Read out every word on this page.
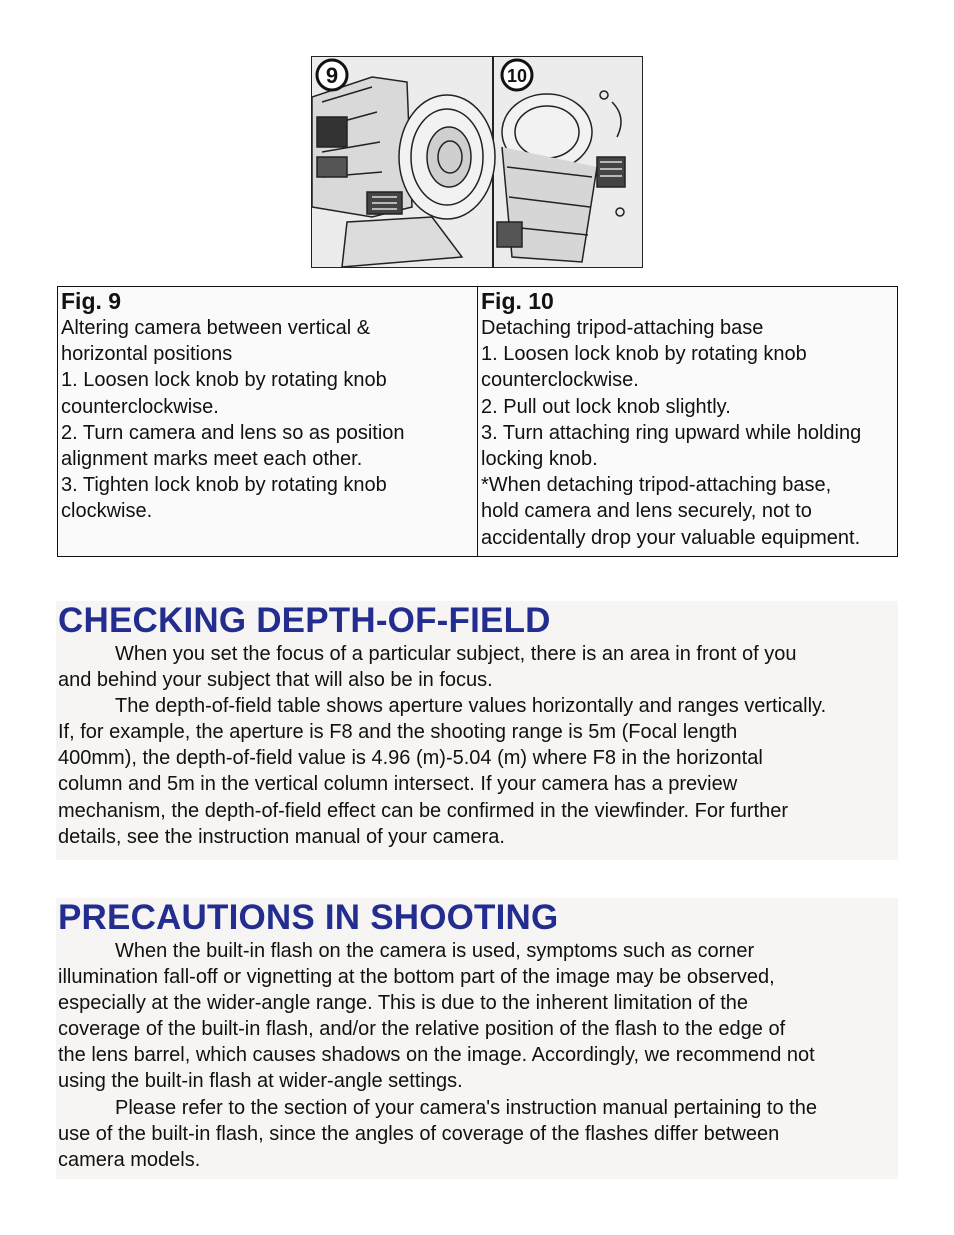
9	10
Fig. 9
Altering camera between vertical &
horizontal positions
1. Loosen lock knob by rotating knob
counterclockwise.
2. Turn camera and lens so as position
alignment marks meet each other.
3. Tighten lock knob by rotating knob
clockwise.
Fig. 10
Detaching tripod-attaching base
1. Loosen lock knob by rotating knob
counterclockwise.
2. Pull out lock knob slightly.
3. Turn attaching ring upward while holding
locking knob.
*When detaching tripod-attaching base,
hold camera and lens securely, not to
accidentally drop your valuable equipment.
CHECKING DEPTH-OF-FIELD

When you set the focus of a particular subject, there is an area in front of you
and behind your subject that will also be in focus.

The depth-of-field table shows aperture values horizontally and ranges vertically.
If, for example, the aperture is F8 and the shooting range is 5m (Focal length
400mm), the depth-of-field value is 4.96 (m)-5.04 (m) where F8 in the horizontal
column and 5m in the vertical column intersect. If your camera has a preview
mechanism, the depth-of-field effect can be confirmed in the viewfinder. For further
details, see the instruction manual of your camera.

PRECAUTIONS IN SHOOTING

When the built-in flash on the camera is used, symptoms such as corner
illumination fall-off or vignetting at the bottom part of the image may be observed,
especially at the wider-angle range. This is due to the inherent limitation of the
coverage of the built-in flash, and/or the relative position of the flash to the edge of
the lens barrel, which causes shadows on the image. Accordingly, we recommend not
using the built-in flash at wider-angle settings.

Please refer to the section of your camera's instruction manual pertaining to the
use of the built-in flash, since the angles of coverage of the flashes differ between
camera models.
